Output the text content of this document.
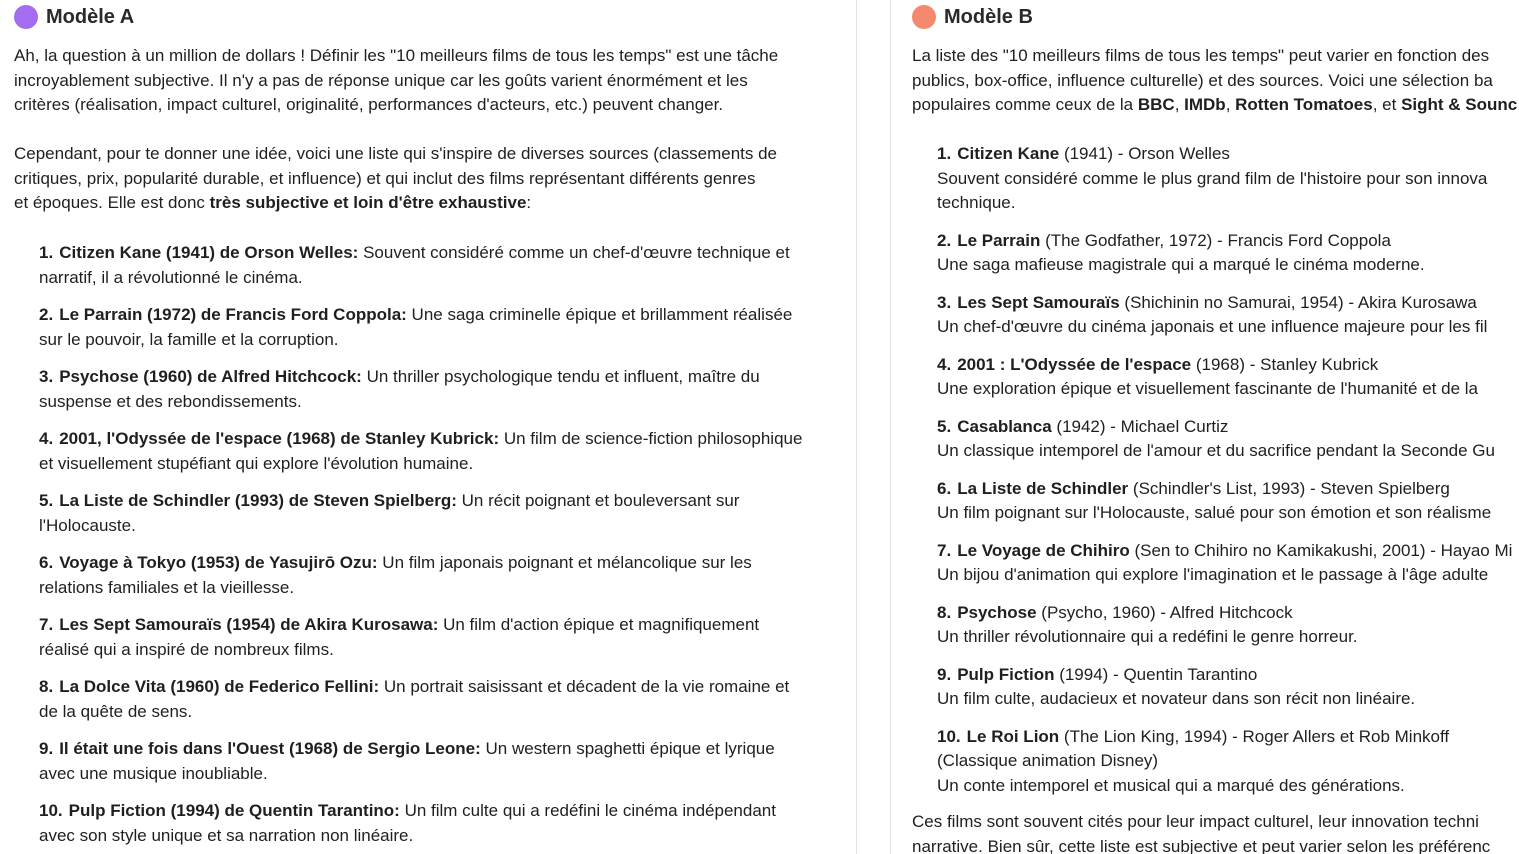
Modèle A

Ah, la question à un million de dollars ! Définir les "10 meilleurs films de tous les temps" est une tâche
incroyablement subjective. Il n'y a pas de réponse unique car les goûts varient énormément et les
critères (réalisation, impact culturel, originalité, performances d'acteurs, etc.) peuvent changer.

Cependant, pour te donner une idée, voici une liste qui s'inspire de diverses sources (classements de
critiques, prix, popularité durable, et influence) et qui inclut des films représentant différents genres
et époques. Elle est donc très subjective et loin d'être exhaustive:

1. Citizen Kane (1941) de Orson Welles: Souvent considéré comme un chef-d'œuvre technique et
narratif, il a révolutionné le cinéma.
2. Le Parrain (1972) de Francis Ford Coppola: Une saga criminelle épique et brillamment réalisée
sur le pouvoir, la famille et la corruption.
3. Psychose (1960) de Alfred Hitchcock: Un thriller psychologique tendu et influent, maître du
suspense et des rebondissements.
4. 2001, l'Odyssée de l'espace (1968) de Stanley Kubrick: Un film de science-fiction philosophique
et visuellement stupéfiant qui explore l'évolution humaine.
5. La Liste de Schindler (1993) de Steven Spielberg: Un récit poignant et bouleversant sur
l'Holocauste.
6. Voyage à Tokyo (1953) de Yasujirō Ozu: Un film japonais poignant et mélancolique sur les
relations familiales et la vieillesse.
7. Les Sept Samouraïs (1954) de Akira Kurosawa: Un film d'action épique et magnifiquement
réalisé qui a inspiré de nombreux films.
8. La Dolce Vita (1960) de Federico Fellini: Un portrait saisissant et décadent de la vie romaine et
de la quête de sens.
9. Il était une fois dans l'Ouest (1968) de Sergio Leone: Un western spaghetti épique et lyrique
avec une musique inoubliable.
10. Pulp Fiction (1994) de Quentin Tarantino: Un film culte qui a redéfini le cinéma indépendant
avec son style unique et sa narration non linéaire.
Modèle B

La liste des "10 meilleurs films de tous les temps" peut varier en fonction des
publics, box-office, influence culturelle) et des sources. Voici une sélection ba
populaires comme ceux de la BBC, IMDb, Rotten Tomatoes, et Sight & Sounc

1. Citizen Kane (1941) - Orson Welles
Souvent considéré comme le plus grand film de l'histoire pour son innova
technique.
2. Le Parrain (The Godfather, 1972) - Francis Ford Coppola
Une saga mafieuse magistrale qui a marqué le cinéma moderne.
3. Les Sept Samouraïs (Shichinin no Samurai, 1954) - Akira Kurosawa
Un chef-d'œuvre du cinéma japonais et une influence majeure pour les fil
4. 2001 : L'Odyssée de l'espace (1968) - Stanley Kubrick
Une exploration épique et visuellement fascinante de l'humanité et de la
5. Casablanca (1942) - Michael Curtiz
Un classique intemporel de l'amour et du sacrifice pendant la Seconde Gu
6. La Liste de Schindler (Schindler's List, 1993) - Steven Spielberg
Un film poignant sur l'Holocauste, salué pour son émotion et son réalisme
7. Le Voyage de Chihiro (Sen to Chihiro no Kamikakushi, 2001) - Hayao Mi
Un bijou d'animation qui explore l'imagination et le passage à l'âge adulte
8. Psychose (Psycho, 1960) - Alfred Hitchcock
Un thriller révolutionnaire qui a redéfini le genre horreur.
9. Pulp Fiction (1994) - Quentin Tarantino
Un film culte, audacieux et novateur dans son récit non linéaire.
10. Le Roi Lion (The Lion King, 1994) - Roger Allers et Rob Minkoff
(Classique animation Disney)
Un conte intemporel et musical qui a marqué des générations.

Ces films sont souvent cités pour leur impact culturel, leur innovation techni
narrative. Bien sûr, cette liste est subjective et peut varier selon les préférenc
